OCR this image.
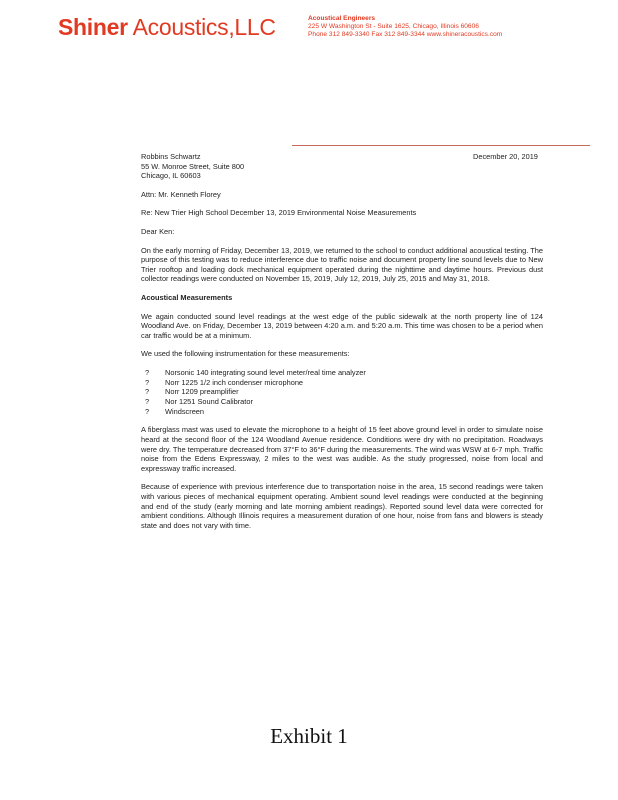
Shiner Acoustics,LLC	Acoustical Engineers
225 W Washington St - Suite 1625, Chicago, Illinois 60606
Phone 312 849-3340 Fax 312 849-3344 www.shineracoustics.com
December 20, 2019
Robbins Schwartz
55 W. Monroe Street, Suite 800
Chicago, IL 60603

Attn: Mr. Kenneth Florey

Re: New Trier High School December 13, 2019 Environmental Noise Measurements

Dear Ken:

On the early morning of Friday, December 13, 2019, we returned to the school to conduct additional acoustical testing. The purpose of this testing was to reduce interference due to traffic noise and document property line sound levels due to New Trier rooftop and loading dock mechanical equipment operated during the nighttime and daytime hours. Previous dust collector readings were conducted on November 15, 2019, July 12, 2019, July 25, 2015 and May 31, 2018.

Acoustical Measurements

We again conducted sound level readings at the west edge of the public sidewalk at the north property line of 124 Woodland Ave. on Friday, December 13, 2019 between 4:20 a.m. and 5:20 a.m. This time was chosen to be a period when car traffic would be at a minimum.

We used the following instrumentation for these measurements:

?	Norsonic 140 integrating sound level meter/real time analyzer
?	Norr 1225 1/2 inch condenser microphone
?	Norr 1209 preamplifier
?	Nor 1251 Sound Calibrator
?	Windscreen

A fiberglass mast was used to elevate the microphone to a height of 15 feet above ground level in order to simulate noise heard at the second floor of the 124 Woodland Avenue residence. Conditions were dry with no precipitation. Roadways were dry. The temperature decreased from 37°F to 36°F during the measurements. The wind was WSW at 6-7 mph. Traffic noise from the Edens Expressway, 2 miles to the west was audible. As the study progressed, noise from local and expressway traffic increased.

Because of experience with previous interference due to transportation noise in the area, 15 second readings were taken with various pieces of mechanical equipment operating. Ambient sound level readings were conducted at the beginning and end of the study (early morning and late morning ambient readings). Reported sound level data were corrected for ambient conditions. Although Illinois requires a measurement duration of one hour, noise from fans and blowers is steady state and does not vary with time.

Exhibit 1
